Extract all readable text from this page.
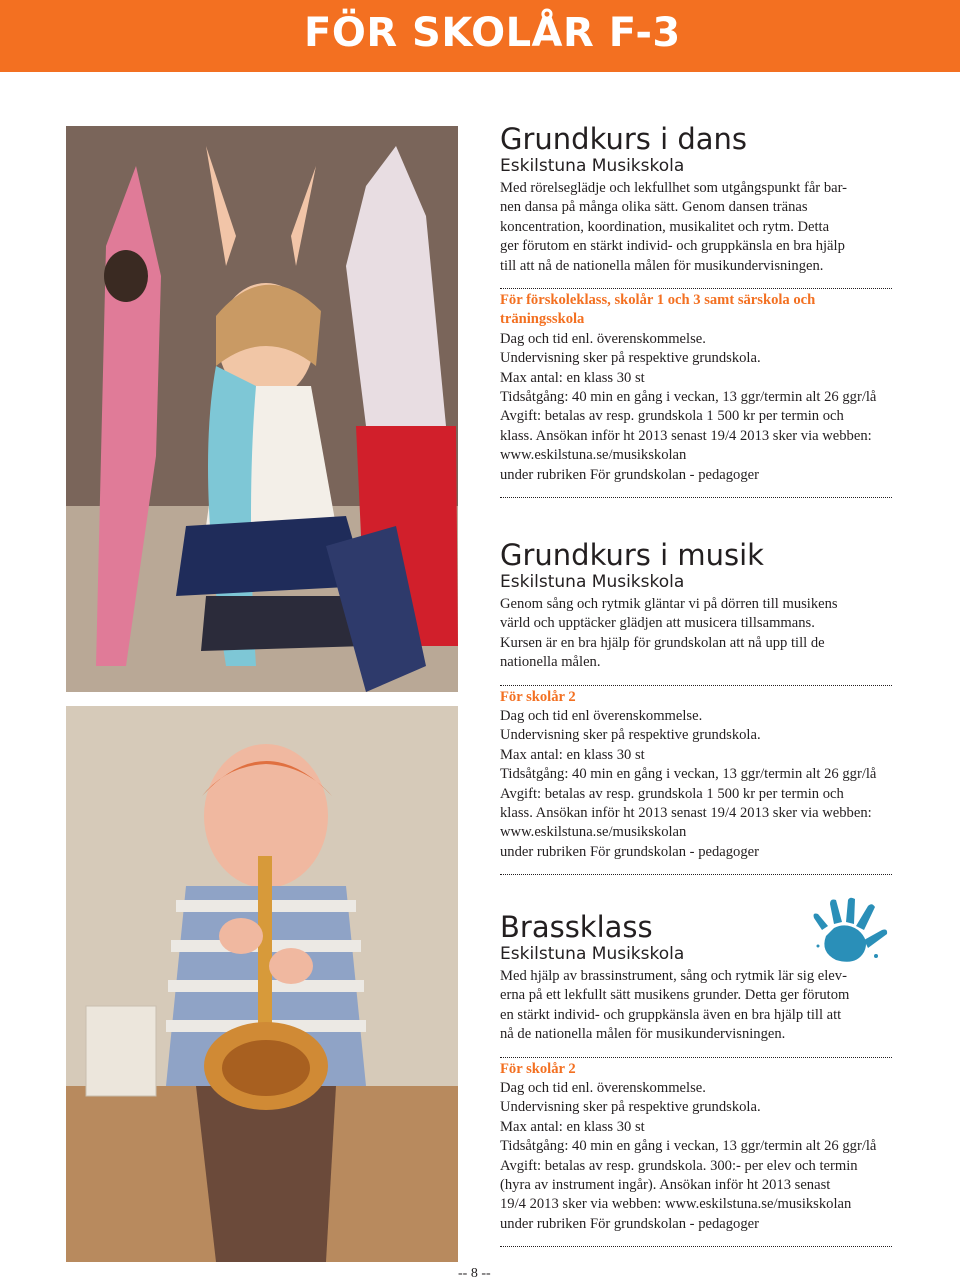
FÖR SKOLÅR F-3
Grundkurs i dans
Eskilstuna Musikskola
Med rörelseglädje och lekfullhet som utgångspunkt får bar-
nen dansa på många olika sätt. Genom dansen tränas
koncentration, koordination, musikalitet och rytm. Detta
ger förutom en stärkt individ- och gruppkänsla en bra hjälp
till att nå de nationella målen för musikundervisningen.
För förskoleklass, skolår 1 och 3 samt särskola och
träningsskola
Dag och tid enl. överenskommelse.
Undervisning sker på respektive grundskola.
Max antal: en klass 30 st
Tidsåtgång: 40 min en gång i veckan, 13 ggr/termin alt 26 ggr/lå
Avgift: betalas av resp. grundskola 1 500 kr per termin och
klass. Ansökan inför ht 2013 senast 19/4 2013 sker via webben:
www.eskilstuna.se/musikskolan
under rubriken För grundskolan - pedagoger
Grundkurs i musik
Eskilstuna Musikskola
Genom sång och rytmik gläntar vi på dörren till musikens
värld och upptäcker glädjen att musicera tillsammans.
Kursen är en bra hjälp för grundskolan att nå upp till de
nationella målen.
För skolår 2
Dag och tid enl överenskommelse.
Undervisning sker på respektive grundskola.
Max antal: en klass 30 st
Tidsåtgång: 40 min en gång i veckan, 13 ggr/termin alt 26 ggr/lå
Avgift: betalas av resp. grundskola 1 500 kr per termin och
klass. Ansökan inför ht 2013 senast 19/4 2013 sker via webben:
www.eskilstuna.se/musikskolan
under rubriken För grundskolan - pedagoger
Brassklass
Eskilstuna Musikskola
Med hjälp av brassinstrument, sång och rytmik lär sig elev-
erna på ett lekfullt sätt musikens grunder. Detta ger förutom
en stärkt individ- och gruppkänsla även en bra hjälp till att
nå de nationella målen för musikundervisningen.
För skolår 2
Dag och tid enl. överenskommelse.
Undervisning sker på respektive grundskola.
Max antal: en klass 30 st
Tidsåtgång: 40 min en gång i veckan, 13 ggr/termin alt 26 ggr/lå
Avgift: betalas av resp. grundskola. 300:- per elev och termin
(hyra av instrument ingår). Ansökan inför ht 2013 senast
19/4 2013 sker via webben: www.eskilstuna.se/musikskolan
under rubriken För grundskolan - pedagoger
-- 8 --
